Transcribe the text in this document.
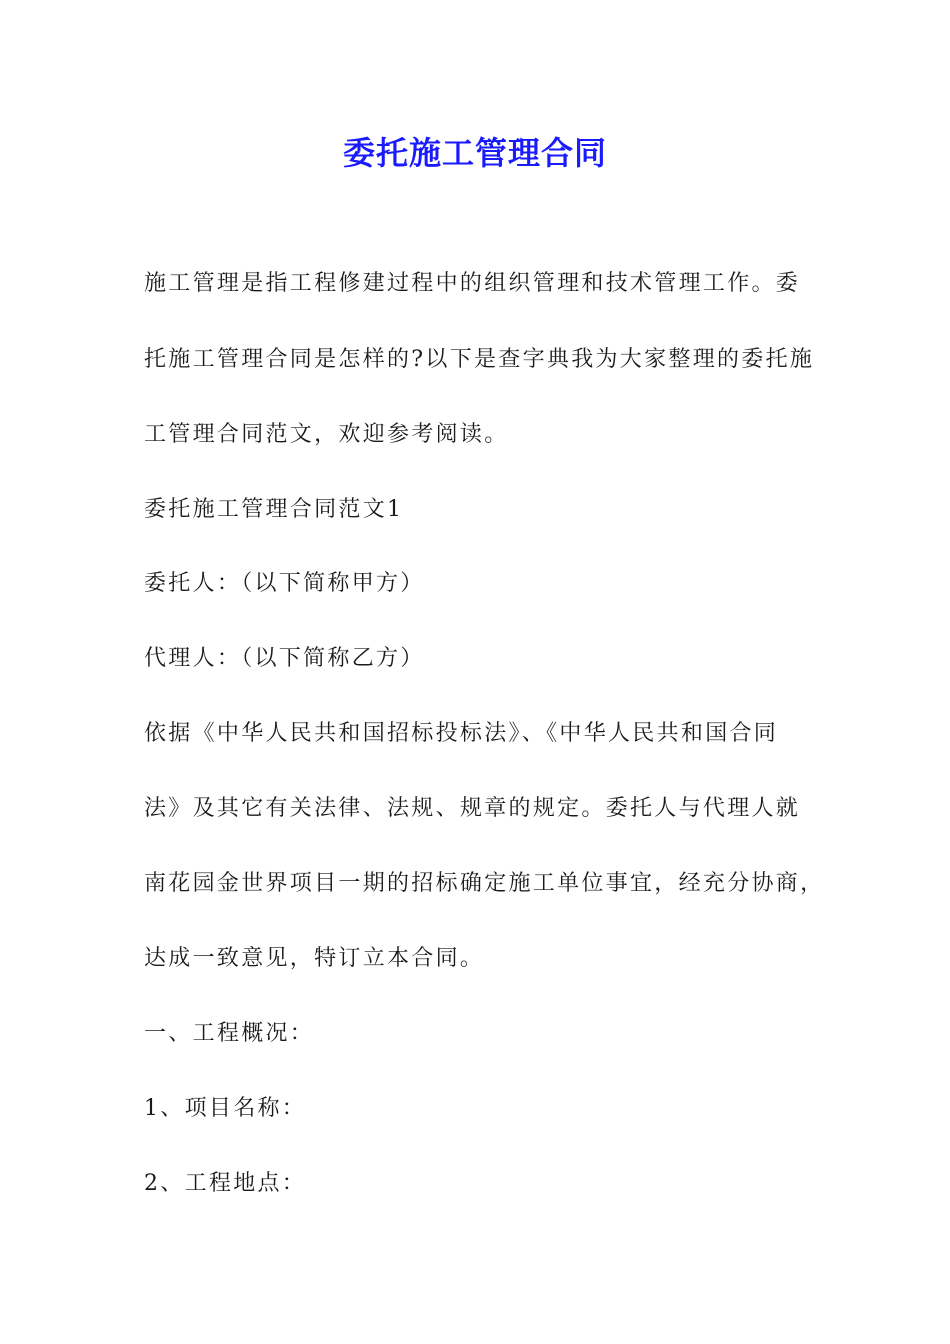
委托施工管理合同
施工管理是指工程修建过程中的组织管理和技术管理工作。委
托施工管理合同是怎样的?以下是查字典我为大家整理的委托施
工管理合同范文，欢迎参考阅读。
委托施工管理合同范文1
委托人：（以下简称甲方）
代理人：（以下简称乙方）
依据《中华人民共和国招标投标法》、《中华人民共和国合同
法》及其它有关法律、法规、规章的规定。委托人与代理人就
南花园金世界项目一期的招标确定施工单位事宜，经充分协商，
达成一致意见，特订立本合同。
一、工程概况：
1、项目名称：
2、工程地点：
